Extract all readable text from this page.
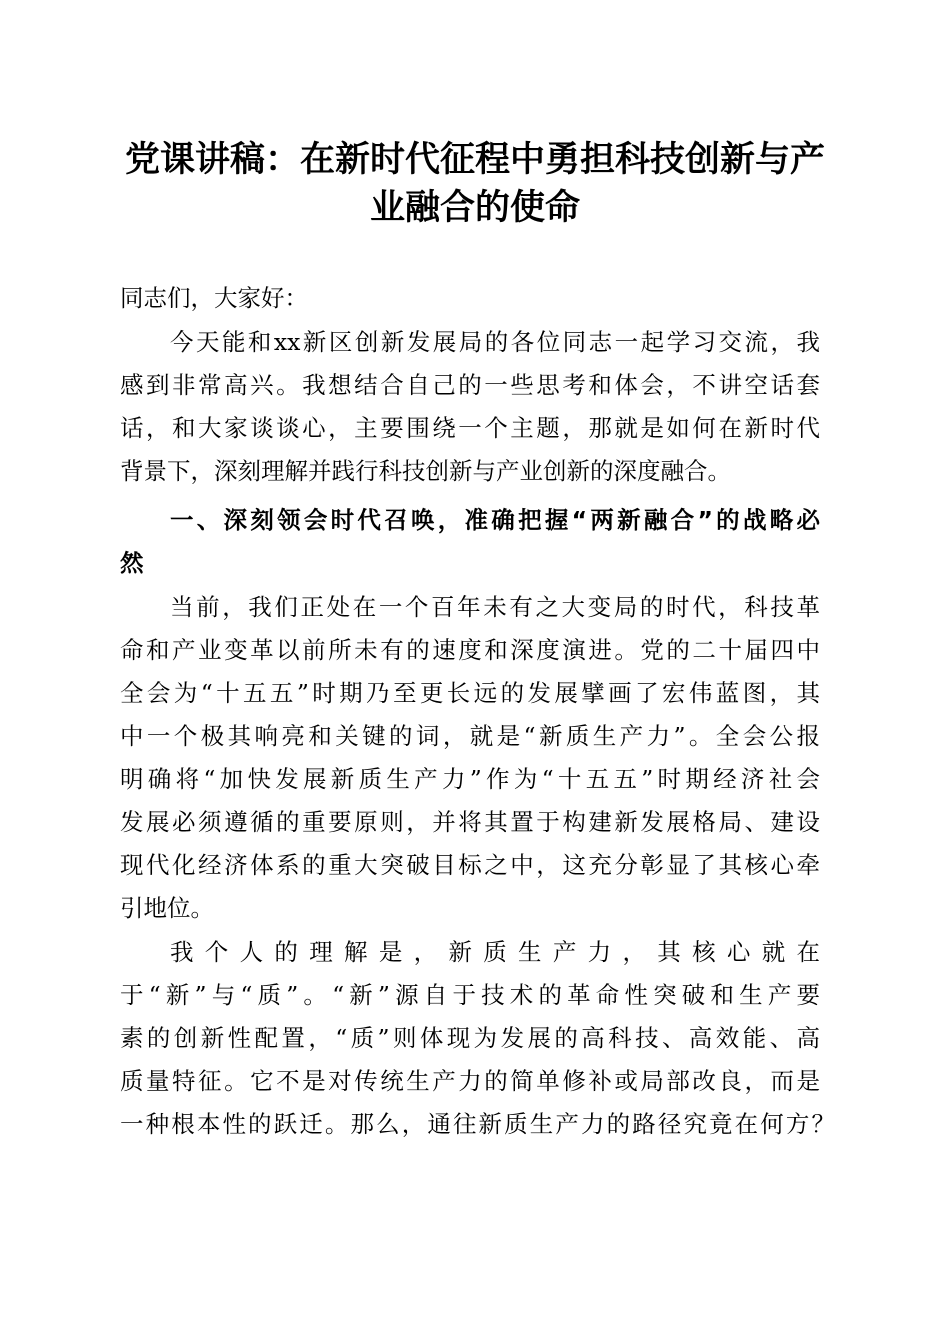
党课讲稿：在新时代征程中勇担科技创新与产
业融合的使命

同志们，大家好：

今天能和xx新区创新发展局的各位同志一起学习交流，我

感到非常高兴。我想结合自己的一些思考和体会，不讲空话套

话，和大家谈谈心，主要围绕一个主题，那就是如何在新时代

背景下，深刻理解并践行科技创新与产业创新的深度融合。

一、深刻领会时代召唤，准确把握“两新融合”的战略必

然

当前，我们正处在一个百年未有之大变局的时代，科技革

命和产业变革以前所未有的速度和深度演进。党的二十届四中

全会为“十五五”时期乃至更长远的发展擘画了宏伟蓝图，其

中一个极其响亮和关键的词，就是“新质生产力”。全会公报

明确将“加快发展新质生产力”作为“十五五”时期经济社会

发展必须遵循的重要原则，并将其置于构建新发展格局、建设

现代化经济体系的重大突破目标之中，这充分彰显了其核心牵

引地位。

我个人的理解是，新质生产力，其核心就在

于“新”与“质”。“新”源自于技术的革命性突破和生产要

素的创新性配置，“质”则体现为发展的高科技、高效能、高

质量特征。它不是对传统生产力的简单修补或局部改良，而是

一种根本性的跃迁。那么，通往新质生产力的路径究竟在何方？
